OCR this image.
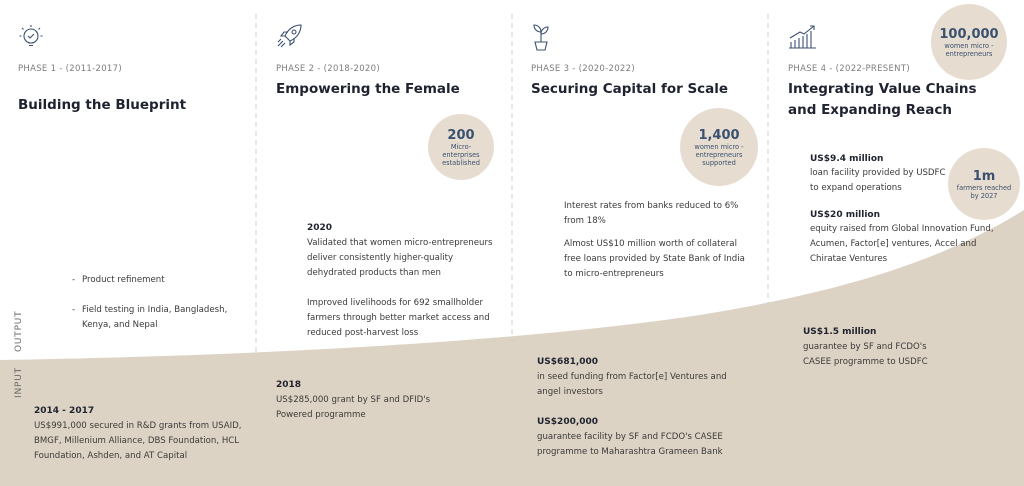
OUTPUT
INPUT
PHASE 1 - (2011-2017)
Building the Blueprint
- Product refinement
- Field testing in India, Bangladesh, Kenya, and Nepal
2014 - 2017
US$991,000 secured in R&D grants from USAID, BMGF, Millenium Alliance, DBS Foundation, HCL Foundation, Ashden, and AT Capital
PHASE 2 - (2018-2020)
Empowering the Female
200
Micro-enterprises established
2020
Validated that women micro-entrepreneurs deliver consistently higher-quality dehydrated products than men
Improved livelihoods for 692 smallholder farmers through better market access and reduced post-harvest loss
2018
US$285,000 grant by SF and DFID's Powered programme
PHASE 3 - (2020-2022)
Securing Capital for Scale
1,400
women micro -entrepreneurs supported
Interest rates from banks reduced to 6% from 18%
Almost US$10 million worth of collateral free loans provided by State Bank of India to micro-entrepreneurs
US$681,000
in seed funding from Factor[e] Ventures and angel investors
US$200,000
guarantee facility by SF and FCDO's CASEE programme to Maharashtra Grameen Bank
PHASE 4 - (2022-PRESENT)
Integrating Value Chains
and Expanding Reach
100,000
women micro -entrepreneurs
1m
farmers reached by 2027
US$9.4 million
loan facility provided by USDFC to expand operations
US$20 million
equity raised from Global Innovation Fund, Acumen, Factor[e] ventures, Accel and Chiratae Ventures
US$1.5 million
guarantee by SF and FCDO's CASEE programme to USDFC
